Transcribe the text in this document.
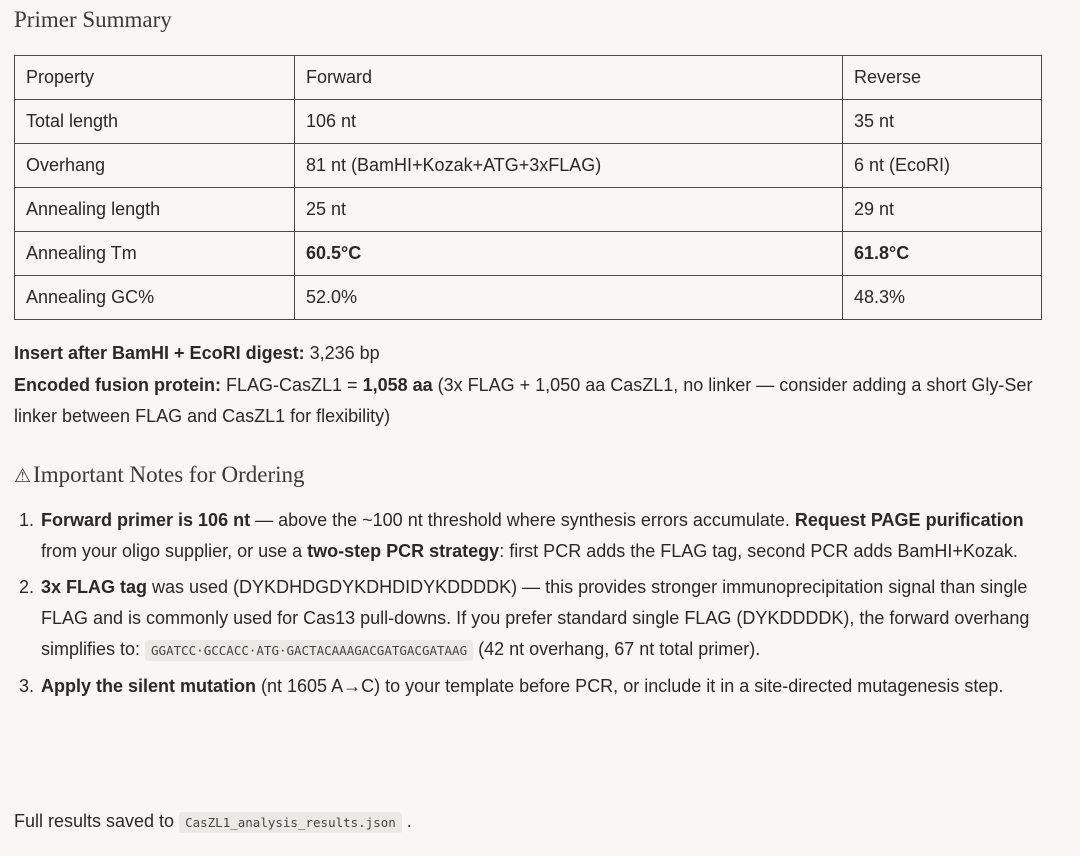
Primer Summary
Property	Forward	Reverse
Total length	106 nt	35 nt
Overhang	81 nt (BamHI+Kozak+ATG+3xFLAG)	6 nt (EcoRI)
Annealing length	25 nt	29 nt
Annealing Tm	60.5°C	61.8°C
Annealing GC%	52.0%	48.3%

Insert after BamHI + EcoRI digest: 3,236 bp

Encoded fusion protein: FLAG-CasZL1 = 1,058 aa (3x FLAG + 1,050 aa CasZL1, no linker — consider adding a short Gly-Ser linker between FLAG and CasZL1 for flexibility)

⚠Important Notes for Ordering
1. Forward primer is 106 nt — above the ~100 nt threshold where synthesis errors accumulate. Request PAGE purification from your oligo supplier, or use a two-step PCR strategy: first PCR adds the FLAG tag, second PCR adds BamHI+Kozak.
2. 3x FLAG tag was used (DYKDHDGDYKDHDIDYKDDDDK) — this provides stronger immunoprecipitation signal than single FLAG and is commonly used for Cas13 pull-downs. If you prefer standard single FLAG (DYKDDDDK), the forward overhang simplifies to: GGATCC·GCCACC·ATG·GACTACAAAGACGATGACGATAAG (42 nt overhang, 67 nt total primer).
3. Apply the silent mutation (nt 1605 A→C) to your template before PCR, or include it in a site-directed mutagenesis step.

Full results saved to CasZL1_analysis_results.json .
